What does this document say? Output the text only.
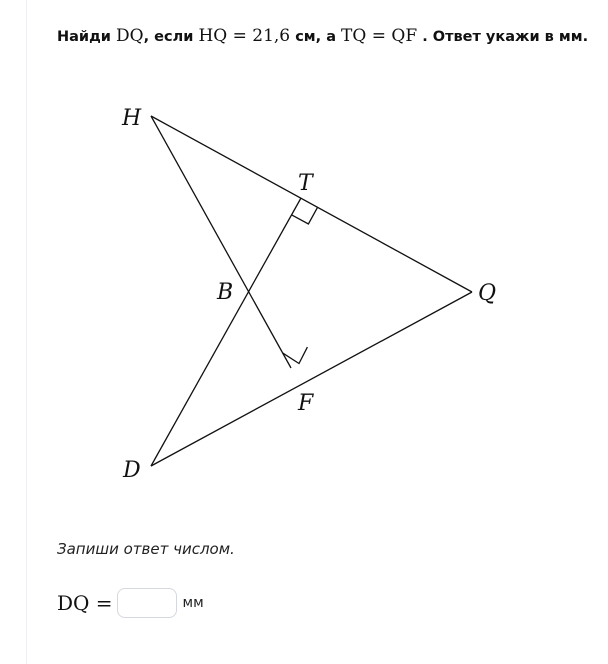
Найди DQ, если HQ = 21,6 см, а TQ = QF . Ответ укажи в мм.
H
T
Q
B
F
D
Запиши ответ числом.
DQ =	мм
